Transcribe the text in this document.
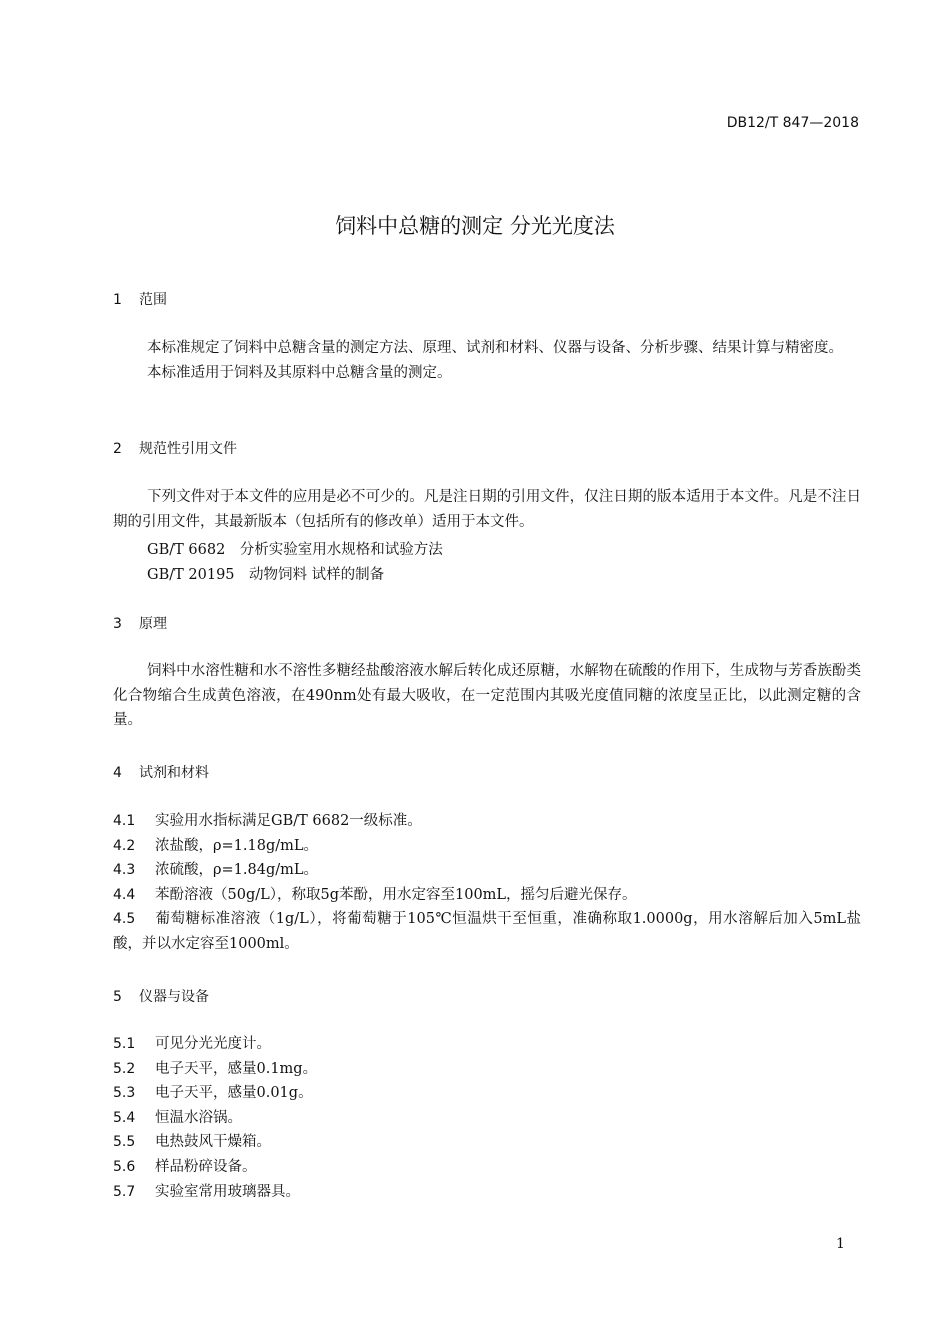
DB12/T 847—2018
饲料中总糖的测定 分光光度法
1 范围

本标准规定了饲料中总糖含量的测定方法、原理、试剂和材料、仪器与设备、分析步骤、结果计算与精密度。

本标准适用于饲料及其原料中总糖含量的测定。

2 规范性引用文件

下列文件对于本文件的应用是必不可少的。凡是注日期的引用文件，仅注日期的版本适用于本文件。凡是不注日期的引用文件，其最新版本（包括所有的修改单）适用于本文件。

GB/T 6682　分析实验室用水规格和试验方法
GB/T 20195　动物饲料 试样的制备
3 原理

饲料中水溶性糖和水不溶性多糖经盐酸溶液水解后转化成还原糖，水解物在硫酸的作用下，生成物与芳香族酚类化合物缩合生成黄色溶液，在490nm处有最大吸收，在一定范围内其吸光度值同糖的浓度呈正比，以此测定糖的含量。

4 试剂和材料
4.1 实验用水指标满足GB/T 6682一级标准。
4.2 浓盐酸，ρ=1.18g/mL。
4.3 浓硫酸，ρ=1.84g/mL。
4.4 苯酚溶液（50g/L），称取5g苯酚，用水定容至100mL，摇匀后避光保存。
4.5 葡萄糖标准溶液（1g/L），将葡萄糖于105℃恒温烘干至恒重，准确称取1.0000g，用水溶解后加入5mL盐酸，并以水定容至1000ml。
5 仪器与设备
5.1 可见分光光度计。
5.2 电子天平，感量0.1mg。
5.3 电子天平，感量0.01g。
5.4 恒温水浴锅。
5.5 电热鼓风干燥箱。
5.6 样品粉碎设备。
5.7 实验室常用玻璃器具。
1
